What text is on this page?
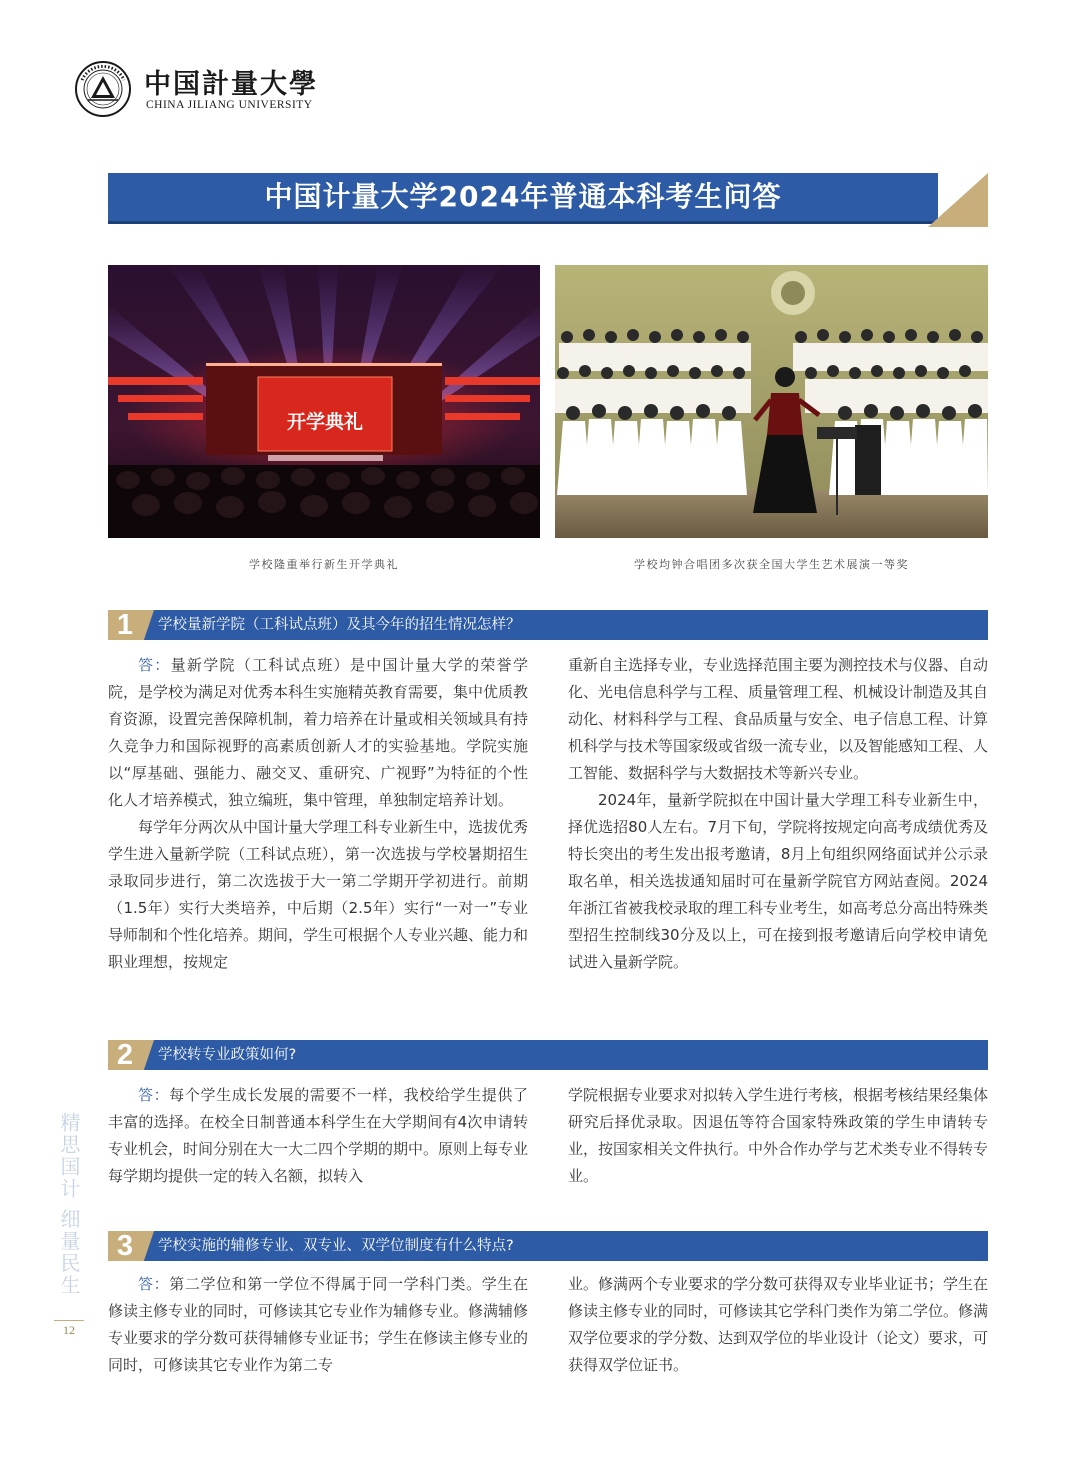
中国計量大學
CHINA JILIANG UNIVERSITY
中国计量大学2024年普通本科考生问答
开学典礼
学校隆重举行新生开学典礼	学校均钟合唱团多次获全国大学生艺术展演一等奖
1	学校量新学院（工科试点班）及其今年的招生情况怎样？

答：量新学院（工科试点班）是中国计量大学的荣誉学院，是学校为满足对优秀本科生实施精英教育需要，集中优质教育资源，设置完善保障机制，着力培养在计量或相关领域具有持久竞争力和国际视野的高素质创新人才的实验基地。学院实施以“厚基础、强能力、融交叉、重研究、广视野”为特征的个性化人才培养模式，独立编班，集中管理，单独制定培养计划。

每学年分两次从中国计量大学理工科专业新生中，选拔优秀学生进入量新学院（工科试点班），第一次选拔与学校暑期招生录取同步进行，第二次选拔于大一第二学期开学初进行。前期（1.5年）实行大类培养，中后期（2.5年）实行“一对一”专业导师制和个性化培养。期间，学生可根据个人专业兴趣、能力和职业理想，按规定

重新自主选择专业，专业选择范围主要为测控技术与仪器、自动化、光电信息科学与工程、质量管理工程、机械设计制造及其自动化、材料科学与工程、食品质量与安全、电子信息工程、计算机科学与技术等国家级或省级一流专业，以及智能感知工程、人工智能、数据科学与大数据技术等新兴专业。

2024年，量新学院拟在中国计量大学理工科专业新生中，择优选招80人左右。7月下旬，学院将按规定向高考成绩优秀及特长突出的考生发出报考邀请，8月上旬组织网络面试并公示录取名单，相关选拔通知届时可在量新学院官方网站查阅。2024年浙江省被我校录取的理工科专业考生，如高考总分高出特殊类型招生控制线30分及以上，可在接到报考邀请后向学校申请免试进入量新学院。

2	学校转专业政策如何?

答：每个学生成长发展的需要不一样，我校给学生提供了丰富的选择。在校全日制普通本科学生在大学期间有4次申请转专业机会，时间分别在大一大二四个学期的期中。原则上每专业每学期均提供一定的转入名额，拟转入

学院根据专业要求对拟转入学生进行考核，根据考核结果经集体研究后择优录取。因退伍等符合国家特殊政策的学生申请转专业，按国家相关文件执行。中外合作办学与艺术类专业不得转专业。

3	学校实施的辅修专业、双专业、双学位制度有什么特点?

答：第二学位和第一学位不得属于同一学科门类。学生在修读主修专业的同时，可修读其它专业作为辅修专业。修满辅修专业要求的学分数可获得辅修专业证书；学生在修读主修专业的同时，可修读其它专业作为第二专

业。修满两个专业要求的学分数可获得双专业毕业证书；学生在修读主修专业的同时，可修读其它学科门类作为第二学位。修满双学位要求的学分数、达到双学位的毕业设计（论文）要求，可获得双学位证书。

精思国计 细量民生
12
